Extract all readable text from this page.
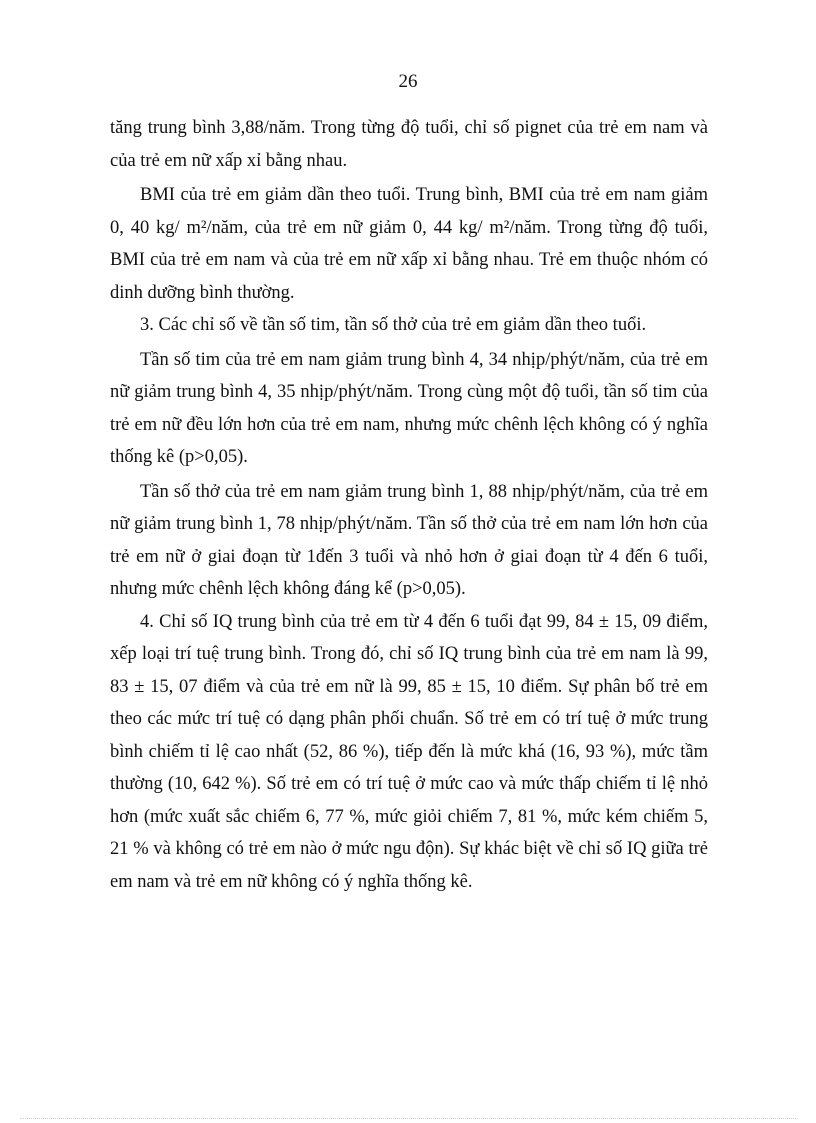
26

tăng trung bình 3,88/năm. Trong từng độ tuổi, chỉ số pignet của trẻ em nam và của trẻ em nữ xấp xỉ bằng nhau.

BMI của trẻ em giảm dần theo tuổi. Trung bình, BMI của trẻ em nam giảm 0, 40 kg/ m²/năm, của trẻ em nữ giảm 0, 44 kg/ m²/năm. Trong từng độ tuổi, BMI của trẻ em nam và của trẻ em nữ xấp xỉ bằng nhau. Trẻ em thuộc nhóm có dinh dưỡng bình thường.

3. Các chỉ số về tần số tim, tần số thở của trẻ em giảm dần theo tuổi.

Tần số tim của trẻ em nam giảm trung bình 4, 34 nhịp/phýt/năm, của trẻ em nữ giảm trung bình 4, 35 nhịp/phýt/năm. Trong cùng một độ tuổi, tần số tim của trẻ em nữ đều lớn hơn của trẻ em nam, nhưng mức chênh lệch không có ý nghĩa thống kê (p>0,05).

Tần số thở của trẻ em nam giảm trung bình 1, 88 nhịp/phýt/năm, của trẻ em nữ giảm trung bình 1, 78 nhịp/phýt/năm. Tần số thở của trẻ em nam lớn hơn của trẻ em nữ ở giai đoạn từ 1đến 3 tuổi và nhỏ hơn ở giai đoạn từ 4 đến 6 tuổi, nhưng mức chênh lệch không đáng kể (p>0,05).

4. Chỉ số IQ trung bình của trẻ em từ 4 đến 6 tuổi đạt 99, 84 ± 15, 09 điểm, xếp loại trí tuệ trung bình. Trong đó, chỉ số IQ trung bình của trẻ em nam là 99, 83 ± 15, 07 điểm và của trẻ em nữ là 99, 85 ± 15, 10 điểm. Sự phân bố trẻ em theo các mức trí tuệ có dạng phân phối chuẩn. Số trẻ em có trí tuệ ở mức trung bình chiếm tỉ lệ cao nhất (52, 86 %), tiếp đến là mức khá (16, 93 %), mức tầm thường (10, 642 %). Số trẻ em có trí tuệ ở mức cao và mức thấp chiếm tỉ lệ nhỏ hơn (mức xuất sắc chiếm 6, 77 %, mức giỏi chiếm 7, 81 %, mức kém chiếm 5, 21 % và không có trẻ em nào ở mức ngu độn). Sự khác biệt về chỉ số IQ giữa trẻ em nam và trẻ em nữ không có ý nghĩa thống kê.
